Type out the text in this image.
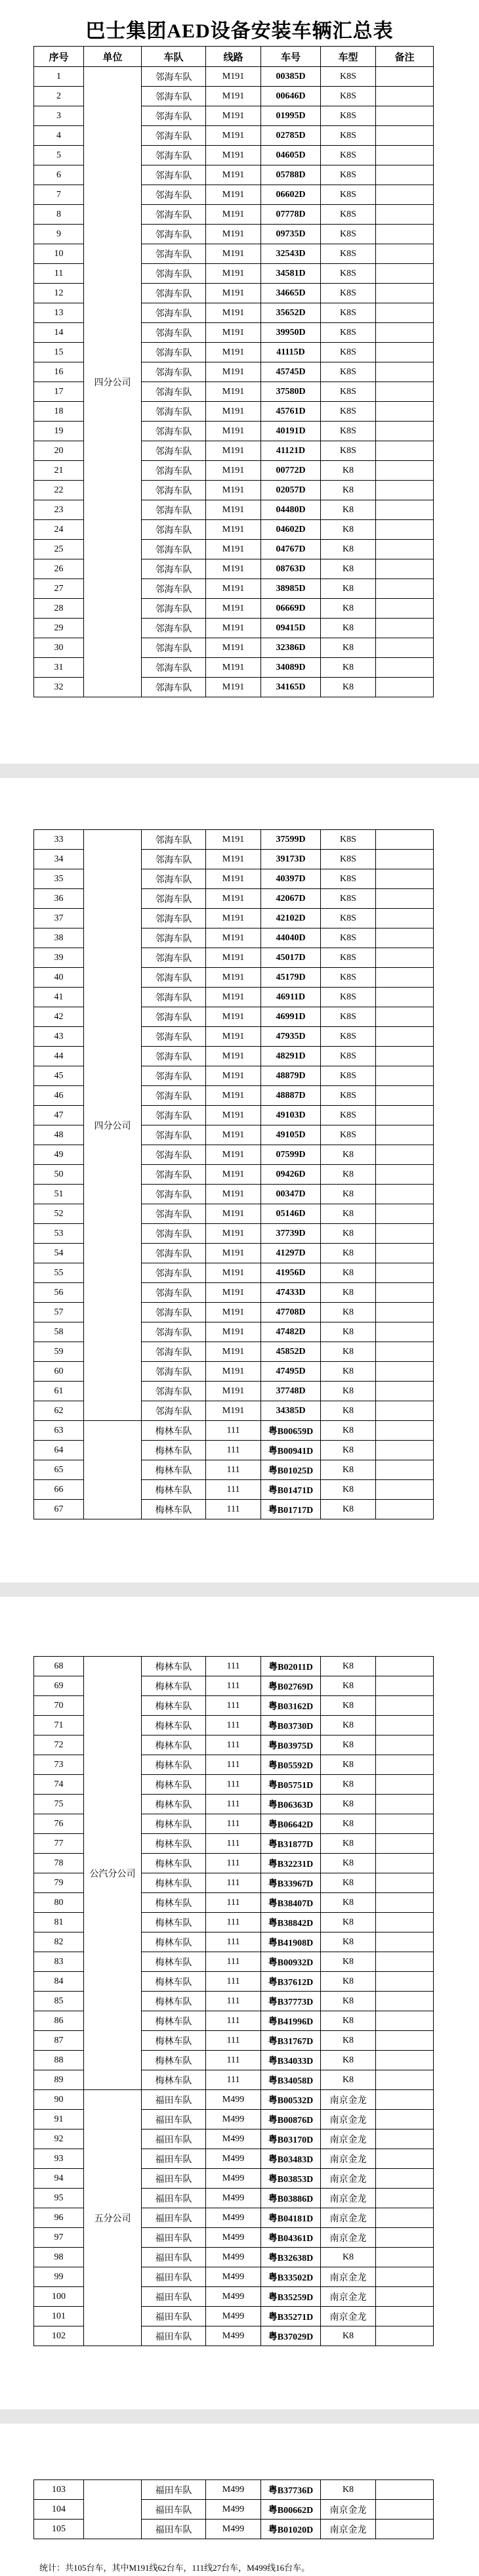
巴士集团AED设备安装车辆汇总表
序号	单位	车队	线路	车号	车型	备注
1	四分公司	邻海车队	M191	00385D	K8S	
2		邻海车队	M191	00646D	K8S	
3		邻海车队	M191	01995D	K8S	
4		邻海车队	M191	02785D	K8S	
5		邻海车队	M191	04605D	K8S	
6		邻海车队	M191	05788D	K8S	
7		邻海车队	M191	06602D	K8S	
8		邻海车队	M191	07778D	K8S	
9		邻海车队	M191	09735D	K8S	
10		邻海车队	M191	32543D	K8S	
11		邻海车队	M191	34581D	K8S	
12		邻海车队	M191	34665D	K8S	
13		邻海车队	M191	35652D	K8S	
14		邻海车队	M191	39950D	K8S	
15		邻海车队	M191	41115D	K8S	
16		邻海车队	M191	45745D	K8S	
17		邻海车队	M191	37580D	K8S	
18		邻海车队	M191	45761D	K8S	
19		邻海车队	M191	40191D	K8S	
20		邻海车队	M191	41121D	K8S	
21		邻海车队	M191	00772D	K8	
22		邻海车队	M191	02057D	K8	
23		邻海车队	M191	04480D	K8	
24		邻海车队	M191	04602D	K8	
25		邻海车队	M191	04767D	K8	
26		邻海车队	M191	08763D	K8	
27		邻海车队	M191	38985D	K8	
28		邻海车队	M191	06669D	K8	
29		邻海车队	M191	09415D	K8	
30		邻海车队	M191	32386D	K8	
31		邻海车队	M191	34089D	K8	
32		邻海车队	M191	34165D	K8	
33	四分公司	邻海车队	M191	37599D	K8S	
34		邻海车队	M191	39173D	K8S	
35		邻海车队	M191	40397D	K8S	
36		邻海车队	M191	42067D	K8S	
37		邻海车队	M191	42102D	K8S	
38		邻海车队	M191	44040D	K8S	
39		邻海车队	M191	45017D	K8S	
40		邻海车队	M191	45179D	K8S	
41		邻海车队	M191	46911D	K8S	
42		邻海车队	M191	46991D	K8S	
43		邻海车队	M191	47935D	K8S	
44		邻海车队	M191	48291D	K8S	
45		邻海车队	M191	48879D	K8S	
46		邻海车队	M191	48887D	K8S	
47		邻海车队	M191	49103D	K8S	
48		邻海车队	M191	49105D	K8S	
49		邻海车队	M191	07599D	K8	
50		邻海车队	M191	09426D	K8	
51		邻海车队	M191	00347D	K8	
52		邻海车队	M191	05146D	K8	
53		邻海车队	M191	37739D	K8	
54		邻海车队	M191	41297D	K8	
55		邻海车队	M191	41956D	K8	
56		邻海车队	M191	47433D	K8	
57		邻海车队	M191	47708D	K8	
58		邻海车队	M191	47482D	K8	
59		邻海车队	M191	45852D	K8	
60		邻海车队	M191	47495D	K8	
61		邻海车队	M191	37748D	K8	
62		邻海车队	M191	34385D	K8	
63		梅林车队	111	粤B00659D	K8	
64		梅林车队	111	粤B00941D	K8	
65		梅林车队	111	粤B01025D	K8	
66		梅林车队	111	粤B01471D	K8	
67		梅林车队	111	粤B01717D	K8	
68	公汽分公司	梅林车队	111	粤B02011D	K8	
69		梅林车队	111	粤B02769D	K8	
70		梅林车队	111	粤B03162D	K8	
71		梅林车队	111	粤B03730D	K8	
72		梅林车队	111	粤B03975D	K8	
73		梅林车队	111	粤B05592D	K8	
74		梅林车队	111	粤B05751D	K8	
75		梅林车队	111	粤B06363D	K8	
76		梅林车队	111	粤B06642D	K8	
77		梅林车队	111	粤B31877D	K8	
78		梅林车队	111	粤B32231D	K8	
79		梅林车队	111	粤B33967D	K8	
80		梅林车队	111	粤B38407D	K8	
81		梅林车队	111	粤B38842D	K8	
82		梅林车队	111	粤B41908D	K8	
83		梅林车队	111	粤B00932D	K8	
84		梅林车队	111	粤B37612D	K8	
85		梅林车队	111	粤B37773D	K8	
86		梅林车队	111	粤B41996D	K8	
87		梅林车队	111	粤B31767D	K8	
88		梅林车队	111	粤B34033D	K8	
89		梅林车队	111	粤B34058D	K8	
90	五分公司	福田车队	M499	粤B00532D	南京金龙	
91		福田车队	M499	粤B00876D	南京金龙	
92		福田车队	M499	粤B03170D	南京金龙	
93		福田车队	M499	粤B03483D	南京金龙	
94		福田车队	M499	粤B03853D	南京金龙	
95		福田车队	M499	粤B03886D	南京金龙	
96		福田车队	M499	粤B04181D	南京金龙	
97		福田车队	M499	粤B04361D	南京金龙	
98		福田车队	M499	粤B32638D	K8	
99		福田车队	M499	粤B33502D	南京金龙	
100		福田车队	M499	粤B35259D	南京金龙	
101		福田车队	M499	粤B35271D	南京金龙	
102		福田车队	M499	粤B37029D	K8	
103		福田车队	M499	粤B37736D	K8	
104		福田车队	M499	粤B00662D	南京金龙	
105		福田车队	M499	粤B01020D	南京金龙	
统计：共105台车，其中M191线62台车，111线27台车，M499线16台车。
